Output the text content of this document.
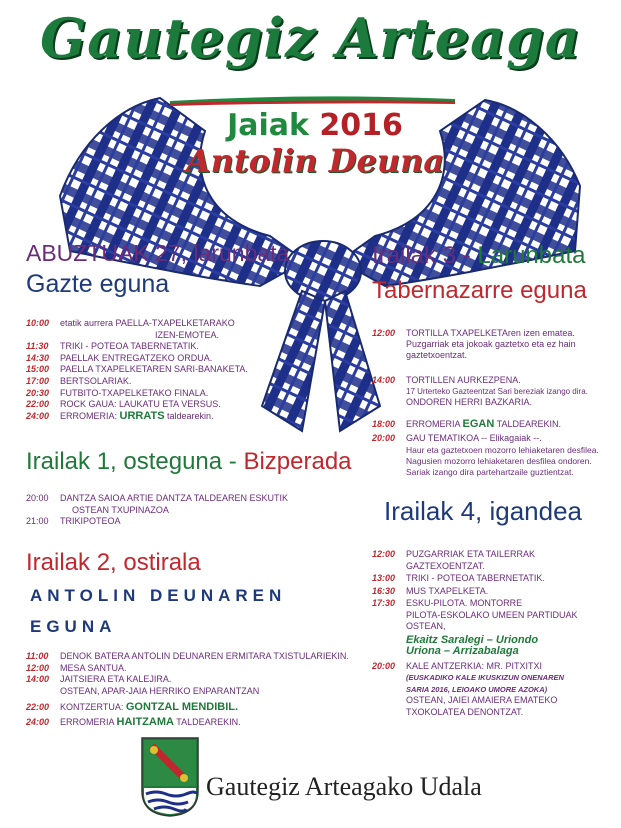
Gautegiz Arteaga
Jaiak 2016
Antolin Deuna
ABUZTUAK 27, larunbata
Gazte eguna
10:00 etatik aurrera PAELLA-TXAPELKETARAKO
IZEN-EMOTEA.
11:30 TRIKI - POTEOA TABERNETATIK.
14:30 PAELLAK ENTREGATZEKO ORDUA.
15:00 PAELLA TXAPELKETAREN SARI-BANAKETA.
17:00 BERTSOLARIAK.
20:30 FUTBITO-TXAPELKETAKO FINALA.
22:00 ROCK GAUA: LAUKATU ETA VERSUS.
24:00 ERROMERIA: URRATS taldearekin.
Irailak 1, osteguna - Bizperada
20:00 DANTZA SAIOA ARTIE DANTZA TALDEAREN ESKUTIK
OSTEAN TXUPINAZOA
21:00 TRIKIPOTEOA
Irailak 2, ostirala
ANTOLIN DEUNAREN
EGUNA
11:00 DENOK BATERA ANTOLIN DEUNAREN ERMITARA TXISTULARIEKIN.
12:00 MESA SANTUA.
14:00 JAITSIERA ETA KALEJIRA.
OSTEAN, APAR-JAIA HERRIKO ENPARANTZAN
22:00 KONTZERTUA: GONTZAL MENDIBIL.
24:00 ERROMERIA HAITZAMA TALDEAREKIN.
Irailak 3 - Larunbata
Tabernazarre eguna
12:00 TORTILLA TXAPELKETAren izen ematea.
Puzgarriak eta jokoak gaztetxo eta ez hain
gaztetxoentzat.
14:00 TORTILLEN AURKEZPENA.
17 Urterteko Gazteentzat Sari bereziak izango dira.
ONDOREN HERRI BAZKARIA.
18:00 ERROMERIA EGAN TALDEAREKIN.
20:00 GAU TEMATIKOA -- Elikagaiak --.
Haur eta gaztetxoen mozorro lehiaketaren desfilea.
Nagusien mozorro lehiaketaren desfilea ondoren.
Sariak izango dira partehartzaile guztientzat.
Irailak 4, igandea
12:00 PUZGARRIAK ETA TAILERRAK
GAZTEXOENTZAT.
13:00 TRIKI - POTEOA TABERNETATIK.
16:30 MUS TXAPELKETA.
17:30 ESKU-PILOTA. MONTORRE
PILOTA-ESKOLAKO UMEEN PARTIDUAK
OSTEAN,
Ekaitz Saralegi – Uriondo
Uriona – Arrizabalaga
20:00 KALE ANTZERKIA: MR. PITXITXI
(EUSKADIKO KALE IKUSKIZUN ONENAREN
SARIA 2016, LEIOAKO UMORE AZOKA)
OSTEAN, JAIEI AMAIERA EMATEKO
TXOKOLATEA DENONTZAT.
Gautegiz Arteagako Udala
